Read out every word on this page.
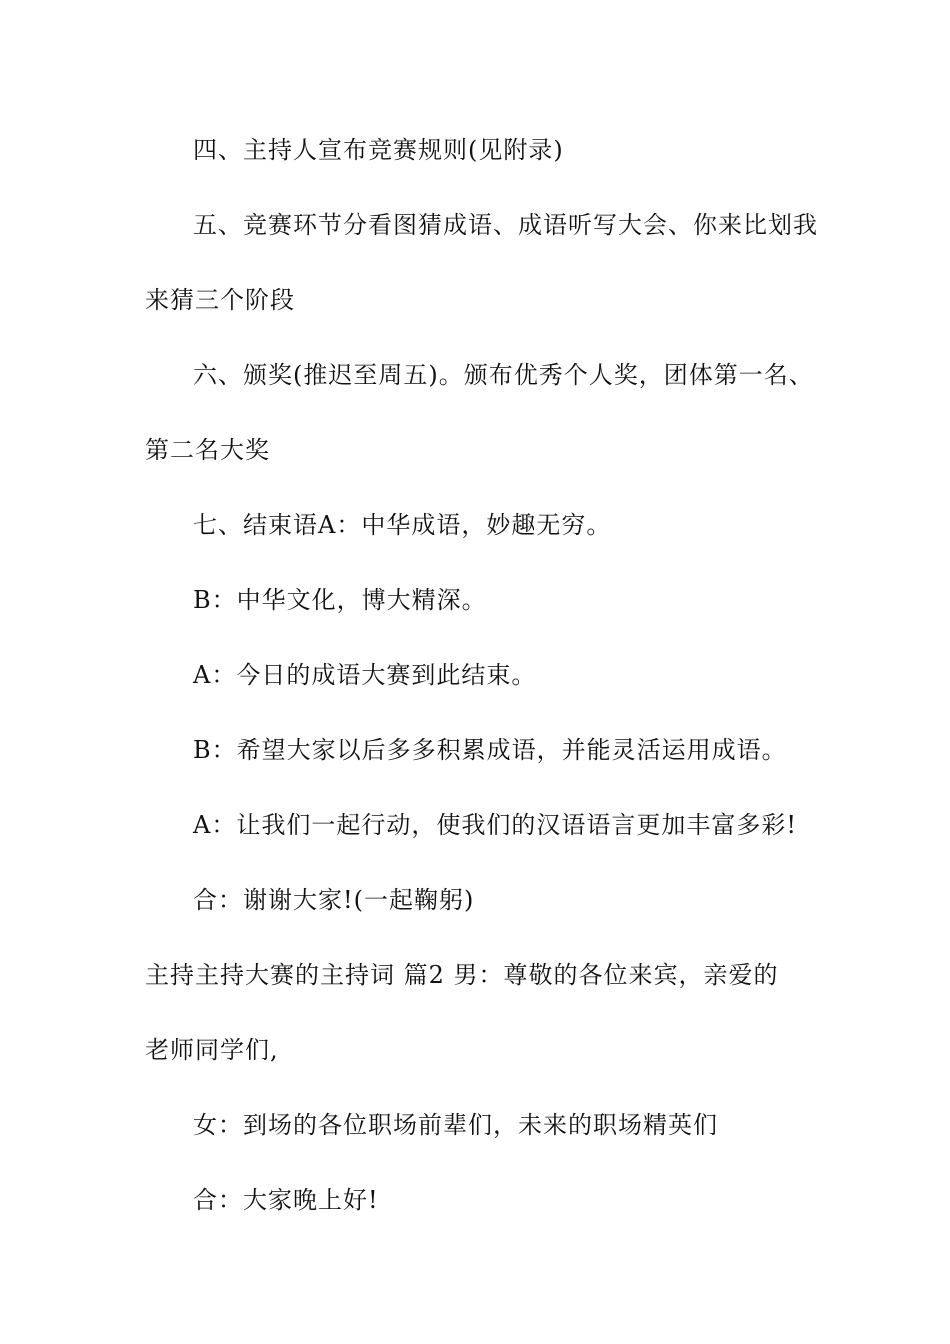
四、主持人宣布竞赛规则(见附录)
五、竞赛环节分看图猜成语、成语听写大会、你来比划我
来猜三个阶段
六、颁奖(推迟至周五)。颁布优秀个人奖，团体第一名、
第二名大奖
七、结束语A：中华成语，妙趣无穷。
B：中华文化，博大精深。
A：今日的成语大赛到此结束。
B：希望大家以后多多积累成语，并能灵活运用成语。
A：让我们一起行动，使我们的汉语语言更加丰富多彩!
合：谢谢大家!(一起鞠躬)
主持主持大赛的主持词 篇2 男：尊敬的各位来宾，亲爱的
老师同学们,
女：到场的各位职场前辈们，未来的职场精英们
合：大家晚上好!
